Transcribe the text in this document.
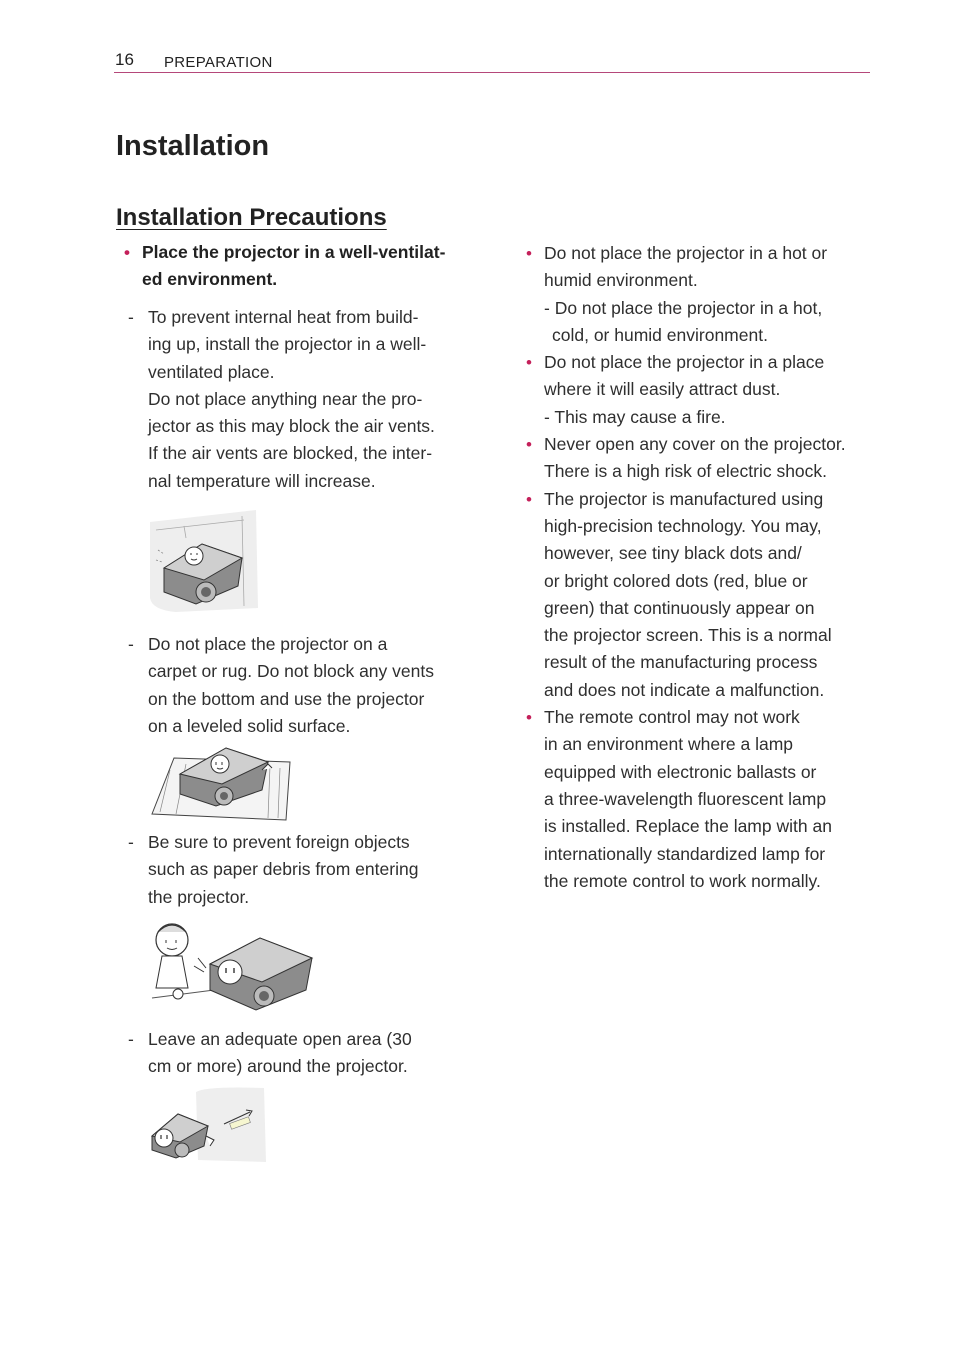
16 PREPARATION
Installation
Installation Precautions

• Place the projector in a well-ventilat-

ed environment.

- To prevent internal heat from build-

ing up, install the projector in a well-

ventilated place.

Do not place anything near the pro-

jector as this may block the air vents.

If the air vents are blocked, the inter-

nal temperature will increase.

- Do not place the projector on a

carpet or rug. Do not block any vents

on the bottom and use the projector

on a leveled solid surface.

- Be sure to prevent foreign objects

such as paper debris from entering

the projector.

- Leave an adequate open area (30

cm or more) around the projector.

• Do not place the projector in a hot or

humid environment.

- Do not place the projector in a hot,

cold, or humid environment.

• Do not place the projector in a place

where it will easily attract dust.

- This may cause a fire.

• Never open any cover on the projector.

There is a high risk of electric shock.

• The projector is manufactured using

high-precision technology. You may,

however, see tiny black dots and/

or bright colored dots (red, blue or

green) that continuously appear on

the projector screen. This is a normal

result of the manufacturing process

and does not indicate a malfunction.

• The remote control may not work

in an environment where a lamp

equipped with electronic ballasts or

a three-wavelength fluorescent lamp

is installed. Replace the lamp with an

internationally standardized lamp for

the remote control to work normally.
